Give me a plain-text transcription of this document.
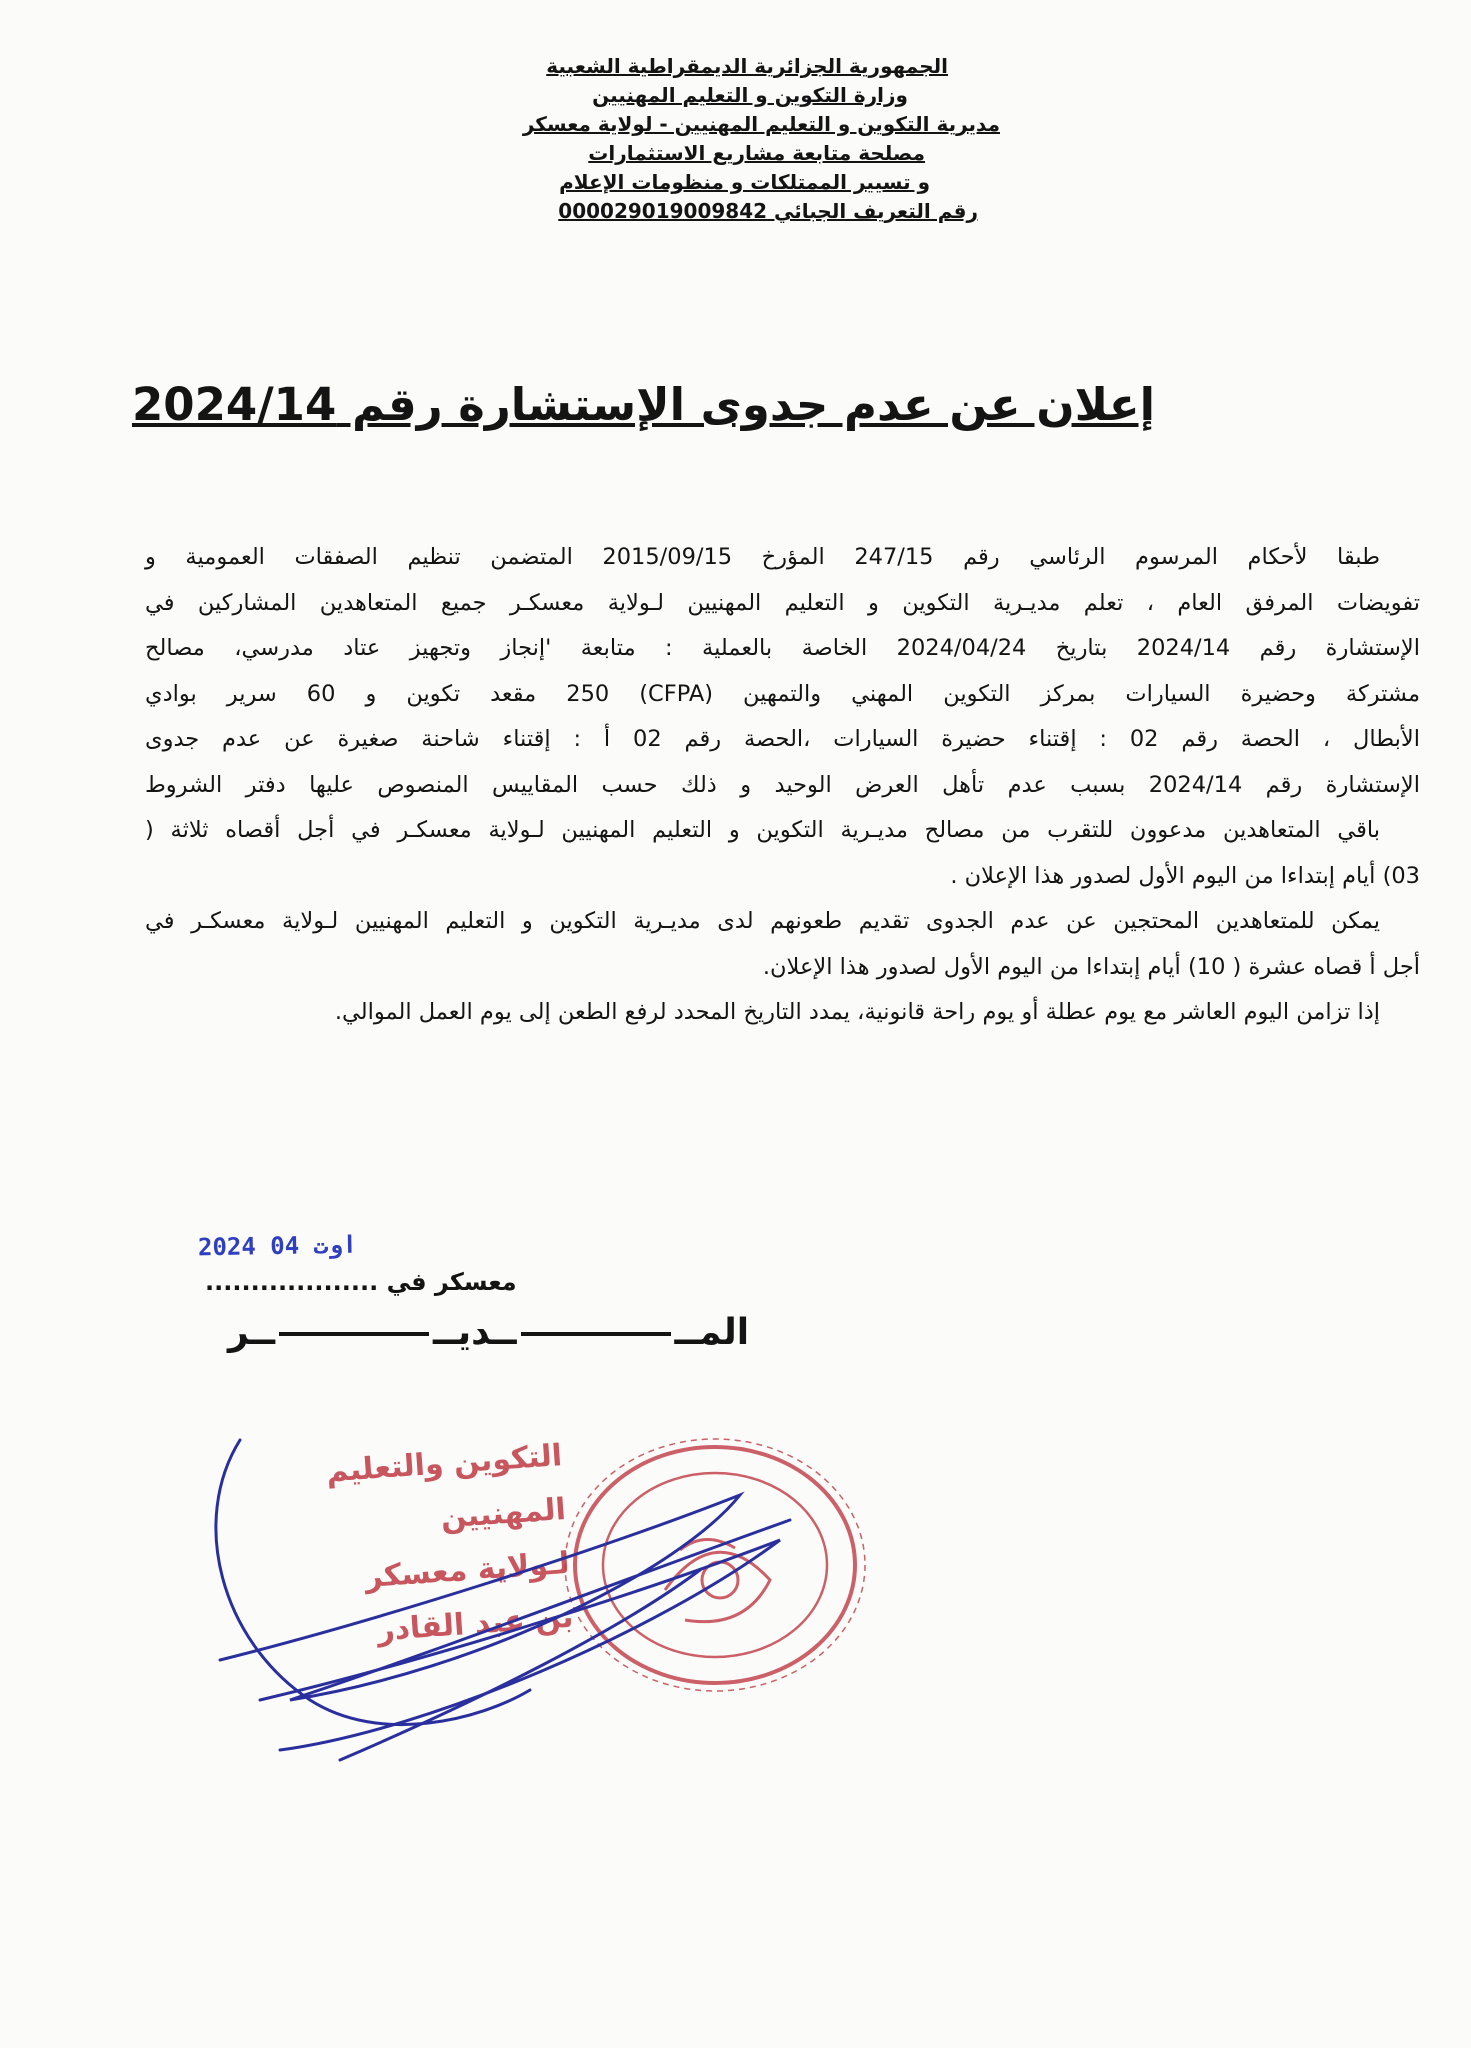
الجمهورية الجزائرية الديمقراطية الشعبية
وزارة التكوين و التعليم المهنيين
مديرية التكوين و التعليم المهنيين - لولاية معسكر
مصلحة متابعة مشاريع الاستثمارات
و تسيير الممتلكات و منظومات الإعلام
رقم التعريف الجبائي 000029019009842
إعلان عن عدم جدوى الإستشارة رقم 2024/14
طبقا لأحكام المرسوم الرئاسي رقم 247/15 المؤرخ 2015/09/15 المتضمن تنظيم الصفقات العمومية و
تفويضات المرفق العام ، تعلم مديـرية التكوين و التعليم المهنيين لـولاية معسكـر جميع المتعاهدين المشاركين في
الإستشارة رقم 2024/14 بتاريخ 2024/04/24 الخاصة بالعملية : متابعة 'إنجاز وتجهيز عتاد مدرسي، مصالح
مشتركة وحضيرة السيارات بمركز التكوين المهني والتمهين (CFPA) 250 مقعد تكوين و 60 سرير بوادي
الأبطال ، الحصة رقم 02 : إقتناء حضيرة السيارات ،الحصة رقم 02 أ : إقتناء شاحنة صغيرة عن عدم جدوى
الإستشارة رقم 2024/14 بسبب عدم تأهل العرض الوحيد و ذلك حسب المقاييس المنصوص عليها دفتر الشروط
باقي المتعاهدين مدعوون للتقرب من مصالح مديـرية التكوين و التعليم المهنيين لـولاية معسكـر في أجل أقصاه ثلاثة (
03) أيام إبتداءا من اليوم الأول لصدور هذا الإعلان .
يمكن للمتعاهدين المحتجين عن عدم الجدوى تقديم طعونهم لدى مديـرية التكوين و التعليم المهنيين لـولاية معسكـر في
أجل أ قصاه عشرة ( 10) أيام إبتداءا من اليوم الأول لصدور هذا الإعلان.
إذا تزامن اليوم العاشر مع يوم عطلة أو يوم راحة قانونية، يمدد التاريخ المحدد لرفع الطعن إلى يوم العمل الموالي.
2024 اوت 04
معسكر في ...................
المــــديــــر
التكوين والتعليم المهنيين
لـولاية معسكر
بن عبد القادر
